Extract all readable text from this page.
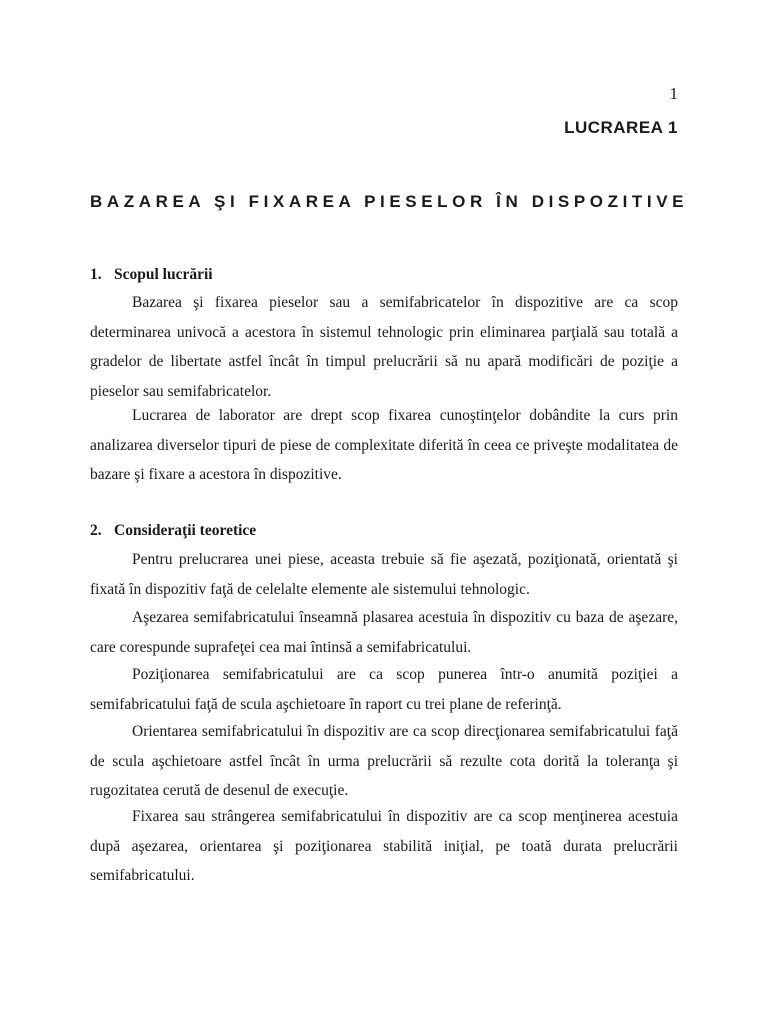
1
LUCRAREA 1
BAZAREA ŞI FIXAREA PIESELOR ÎN DISPOZITIVE
1. Scopul lucrării

Bazarea şi fixarea pieselor sau a semifabricatelor în dispozitive are ca scop determinarea univocă a acestora în sistemul tehnologic prin eliminarea parţială sau totală a gradelor de libertate astfel încât în timpul prelucrării să nu apară modificări de poziţie a pieselor sau semifabricatelor.

Lucrarea de laborator are drept scop fixarea cunoştinţelor dobândite la curs prin analizarea diverselor tipuri de piese de complexitate diferită în ceea ce priveşte modalitatea de bazare şi fixare a acestora în dispozitive.

2. Consideraţii teoretice

Pentru prelucrarea unei piese, aceasta trebuie să fie aşezată, poziţionată, orientată şi fixată în dispozitiv faţă de celelalte elemente ale sistemului tehnologic.

Aşezarea semifabricatului înseamnă plasarea acestuia în dispozitiv cu baza de aşezare, care corespunde suprafeţei cea mai întinsă a semifabricatului.

Poziţionarea semifabricatului are ca scop punerea într-o anumită poziţiei a semifabricatului faţă de scula aşchietoare în raport cu trei plane de referinţă.

Orientarea semifabricatului în dispozitiv are ca scop direcţionarea semifabricatului faţă de scula aşchietoare astfel încât în urma prelucrării să rezulte cota dorită la toleranţa şi rugozitatea cerută de desenul de execuţie.

Fixarea sau strângerea semifabricatului în dispozitiv are ca scop menţinerea acestuia după aşezarea, orientarea şi poziţionarea stabilită iniţial, pe toată durata prelucrării semifabricatului.
